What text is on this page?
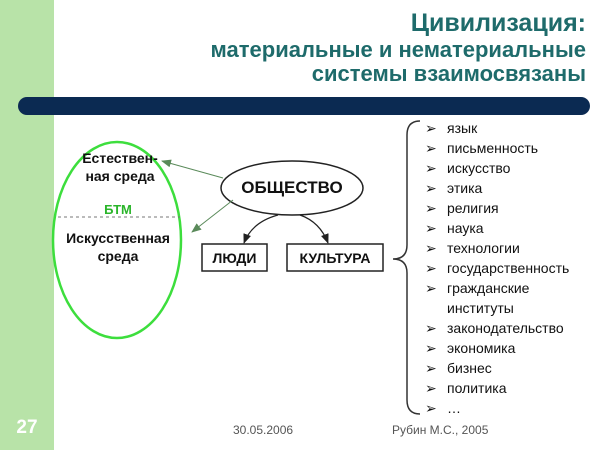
27
Цивилизация:
материальные и нематериальные
системы взаимосвязаны
Естествен-
ная среда
БТМ
Искусственная
среда
ОБЩЕСТВО
ЛЮДИ	КУЛЬТУРА
➢ язык
➢ письменность
➢ искусство
➢ этика
➢ религия
➢ наука
➢ технологии
➢ государственность
➢ гражданские
институты
➢ законодательство
➢ экономика
➢ бизнес
➢ политика
➢ …
30.05.2006	Рубин М.С., 2005
